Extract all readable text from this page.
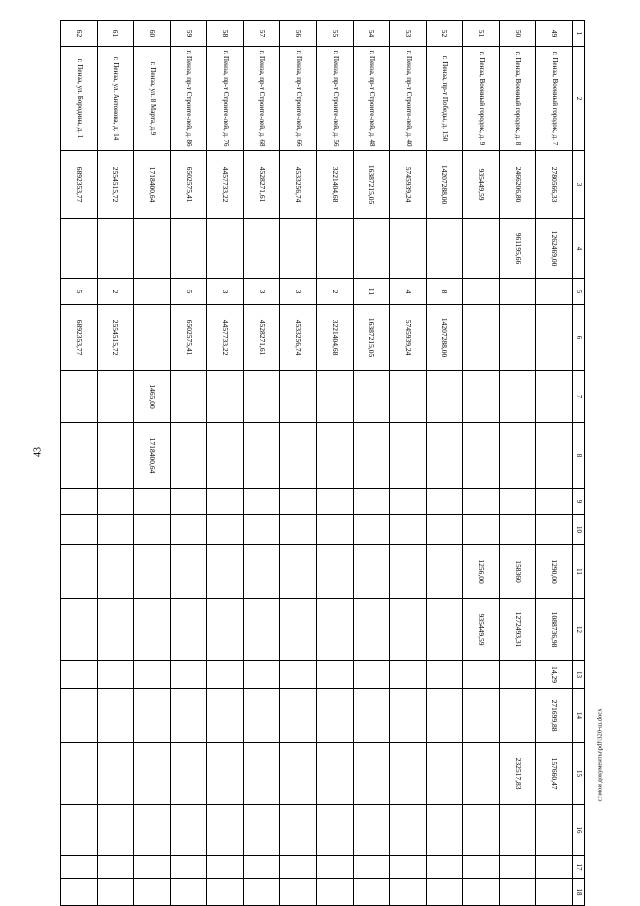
43
1	2	3	4	5	6	7	8	9	10	11	12	13	14	15	16	17	18
49	г. Пенза, Военный городок, д. 7	2780566,33	1262469,00							1290,00	1088736,98	14,29	271699,88	157660,47			
50	г. Пенза, Военный городок, д. 8	2466206,80	961195,66							158360	1272493,31			232517,83			
51	г. Пенза, Военный городок, д. 9	935449,59								1256,00	935449,59						
52	г. Пенза, пр-т Победы, д. 150	14207288,00		8	14207288,00												
53	г. Пенза, пр-т Строите-лей, д. 40	5745939,24		4	5745939,24												
54	г. Пенза, пр-т Строите-лей, д. 48	16387215,05		11	16387215,05												
55	г. Пенза, пр-т Строите-лей, д. 56	3221404,68		2	3221404,68												
56	г. Пенза, пр-т Строите-лей, д. 66	4533256,74		3	4533256,74												
57	г. Пенза, пр-т Строите-лей, д. 68	4528271,61		3	4528271,61												
58	г. Пенза, пр-т Строите-лей, д. 76	4457733,22		3	4457733,22												
59	г. Пенза, пр-т Строите-лей, д. 86	6502575,41		5	6502575,41												
60	г. Пенза, ул. 8 Марта, д.9	1718400,64				1465,00	1718400,64										
61	г. Пенза, ул. Антонова, д. 14	2554515,72		2	2554515,72												
62	г. Пенза, ул. Бородина, д. 1	6892353,77		5	6892353,77												
c:\мои документы\pdf\320-ш.docx
